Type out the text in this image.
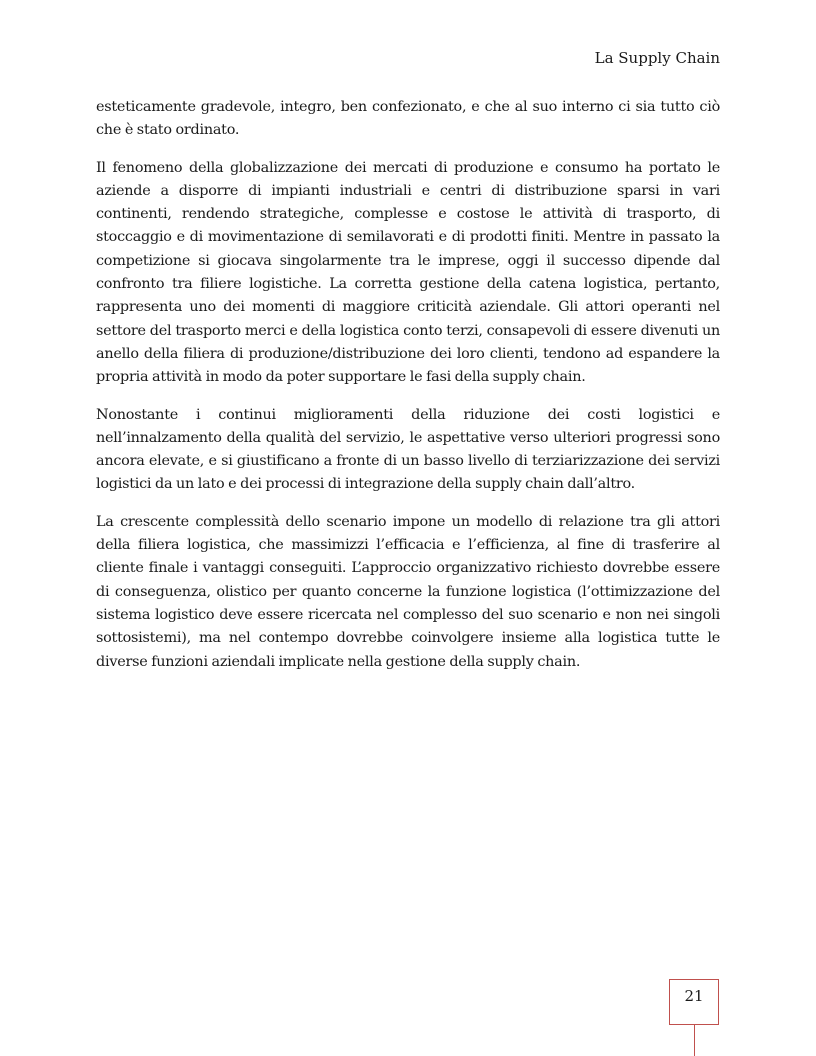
La Supply Chain

esteticamente gradevole, integro, ben confezionato, e che al suo interno ci sia tutto ciò che è stato ordinato.

Il fenomeno della globalizzazione dei mercati di produzione e consumo ha portato le aziende a disporre di impianti industriali e centri di distribuzione sparsi in vari continenti, rendendo strategiche, complesse e costose le attività di trasporto, di stoccaggio e di movimentazione di semilavorati e di prodotti finiti. Mentre in passato la competizione si giocava singolarmente tra le imprese, oggi il successo dipende dal confronto tra filiere logistiche. La corretta gestione della catena logistica, pertanto, rappresenta uno dei momenti di maggiore criticità aziendale. Gli attori operanti nel settore del trasporto merci e della logistica conto terzi, consapevoli di essere divenuti un anello della filiera di produzione/distribuzione dei loro clienti, tendono ad espandere la propria attività in modo da poter supportare le fasi della supply chain.

Nonostante i continui miglioramenti della riduzione dei costi logistici e nell’innalzamento della qualità del servizio, le aspettative verso ulteriori progressi sono ancora elevate, e si giustificano a fronte di un basso livello di terziarizzazione dei servizi logistici da un lato e dei processi di integrazione della supply chain dall’altro.

La crescente complessità dello scenario impone un modello di relazione tra gli attori della filiera logistica, che massimizzi l’efficacia e l’efficienza, al fine di trasferire al cliente finale i vantaggi conseguiti. L’approccio organizzativo richiesto dovrebbe essere di conseguenza, olistico per quanto concerne la funzione logistica (l’ottimizzazione del sistema logistico deve essere ricercata nel complesso del suo scenario e non nei singoli sottosistemi), ma nel contempo dovrebbe coinvolgere insieme alla logistica tutte le diverse funzioni aziendali implicate nella gestione della supply chain.

21
